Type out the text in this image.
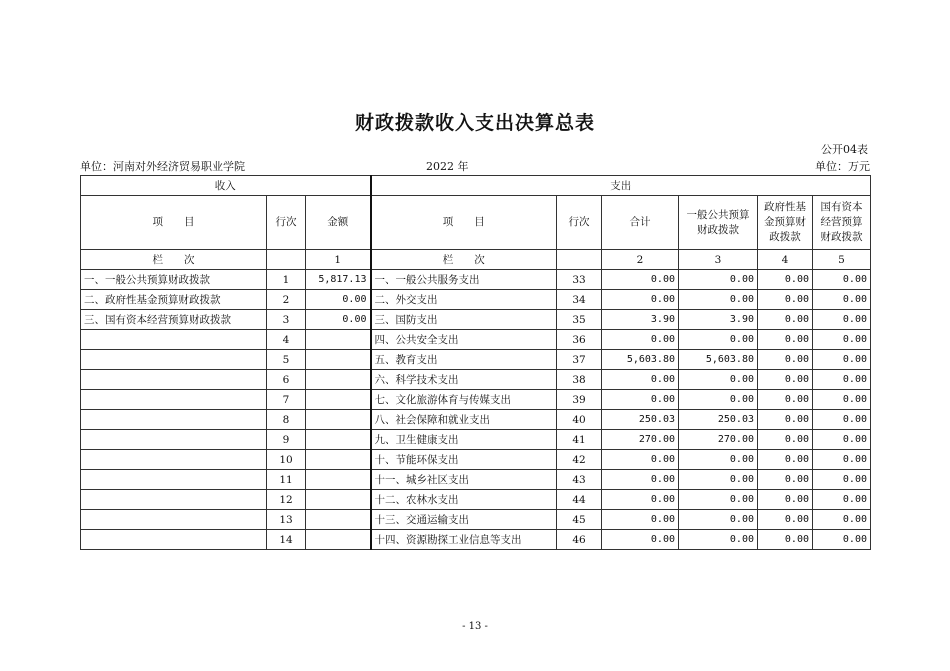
财政拨款收入支出决算总表
公开04表
单位：河南对外经济贸易职业学院	2022 年	单位：万元
收入			支出					
项　　目	行次	金额	项　　目	行次	合计	一般公共预算财政拨款	政府性基金预算财政拨款	国有资本经营预算财政拨款
栏　　次		1	栏　　次		2	3	4	5
一、一般公共预算财政拨款	1	5,817.13	一、一般公共服务支出	33	0.00	0.00	0.00	0.00
二、政府性基金预算财政拨款	2	0.00	二、外交支出	34	0.00	0.00	0.00	0.00
三、国有资本经营预算财政拨款	3	0.00	三、国防支出	35	3.90	3.90	0.00	0.00
	4		四、公共安全支出	36	0.00	0.00	0.00	0.00
	5		五、教育支出	37	5,603.80	5,603.80	0.00	0.00
	6		六、科学技术支出	38	0.00	0.00	0.00	0.00
	7		七、文化旅游体育与传媒支出	39	0.00	0.00	0.00	0.00
	8		八、社会保障和就业支出	40	250.03	250.03	0.00	0.00
	9		九、卫生健康支出	41	270.00	270.00	0.00	0.00
	10		十、节能环保支出	42	0.00	0.00	0.00	0.00
	11		十一、城乡社区支出	43	0.00	0.00	0.00	0.00
	12		十二、农林水支出	44	0.00	0.00	0.00	0.00
	13		十三、交通运输支出	45	0.00	0.00	0.00	0.00
	14		十四、资源勘探工业信息等支出	46	0.00	0.00	0.00	0.00
- 13 -
